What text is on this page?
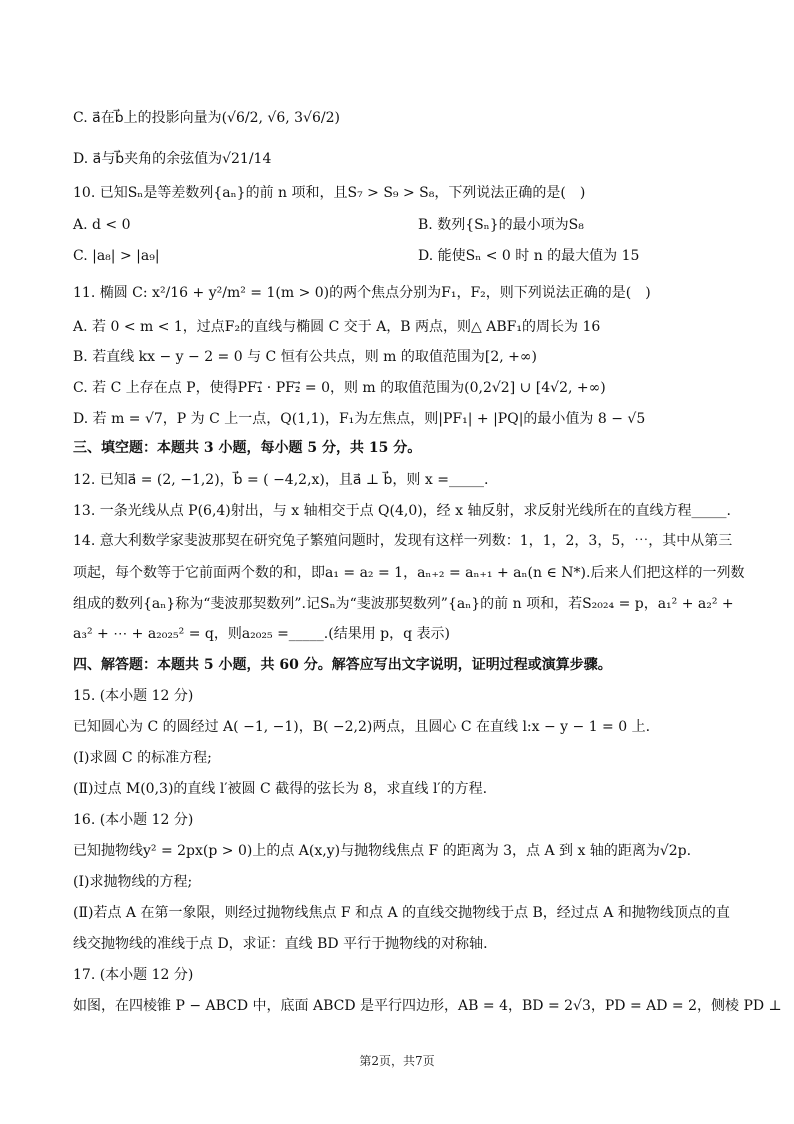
C. a⃗在b⃗上的投影向量为(√6/2, √6, 3√6/2)
D. a⃗与b⃗夹角的余弦值为√21/14
10. 已知Sₙ是等差数列{aₙ}的前 n 项和，且S₇ > S₉ > S₈，下列说法正确的是(　)
A. d < 0	B. 数列{Sₙ}的最小项为S₈
C. |a₈| > |a₉|	D. 能使Sₙ < 0 时 n 的最大值为 15
11. 椭圆 C: x²/16 + y²/m² = 1(m > 0)的两个焦点分别为F₁，F₂，则下列说法正确的是(　)
A. 若 0 < m < 1，过点F₂的直线与椭圆 C 交于 A，B 两点，则△ ABF₁的周长为 16
B. 若直线 kx − y − 2 = 0 与 C 恒有公共点，则 m 的取值范围为[2, +∞)
C. 若 C 上存在点 P，使得PF₁⃗ · PF₂⃗ = 0，则 m 的取值范围为(0,2√2] ∪ [4√2, +∞)
D. 若 m = √7，P 为 C 上一点，Q(1,1)，F₁为左焦点，则|PF₁| + |PQ|的最小值为 8 − √5
三、填空题：本题共 3 小题，每小题 5 分，共 15 分。
12. 已知a⃗ = (2, −1,2)，b⃗ = ( −4,2,x)，且a⃗ ⊥ b⃗，则 x =_____.
13. 一条光线从点 P(6,4)射出，与 x 轴相交于点 Q(4,0)，经 x 轴反射，求反射光线所在的直线方程_____.
14. 意大利数学家斐波那契在研究兔子繁殖问题时，发现有这样一列数：1，1，2，3，5，⋯，其中从第三
项起，每个数等于它前面两个数的和，即a₁ = a₂ = 1，aₙ₊₂ = aₙ₊₁ + aₙ(n ∈ N*).后来人们把这样的一列数
组成的数列{aₙ}称为“斐波那契数列”.记Sₙ为“斐波那契数列”{aₙ}的前 n 项和，若S₂₀₂₄ = p，a₁² + a₂² +
a₃² + ⋯ + a₂₀₂₅² = q，则a₂₀₂₅ =_____.(结果用 p，q 表示)
四、解答题：本题共 5 小题，共 60 分。解答应写出文字说明，证明过程或演算步骤。
15. (本小题 12 分)
已知圆心为 C 的圆经过 A( −1, −1)，B( −2,2)两点，且圆心 C 在直线 l:x − y − 1 = 0 上.
(Ⅰ)求圆 C 的标准方程;
(Ⅱ)过点 M(0,3)的直线 l′被圆 C 截得的弦长为 8，求直线 l′的方程.
16. (本小题 12 分)
已知抛物线y² = 2px(p > 0)上的点 A(x,y)与抛物线焦点 F 的距离为 3，点 A 到 x 轴的距离为√2p.
(Ⅰ)求抛物线的方程;
(Ⅱ)若点 A 在第一象限，则经过抛物线焦点 F 和点 A 的直线交抛物线于点 B，经过点 A 和抛物线顶点的直
线交抛物线的准线于点 D，求证：直线 BD 平行于抛物线的对称轴.
17. (本小题 12 分)
如图，在四棱锥 P − ABCD 中，底面 ABCD 是平行四边形，AB = 4，BD = 2√3，PD = AD = 2，侧棱 PD ⊥
第2页，共7页
